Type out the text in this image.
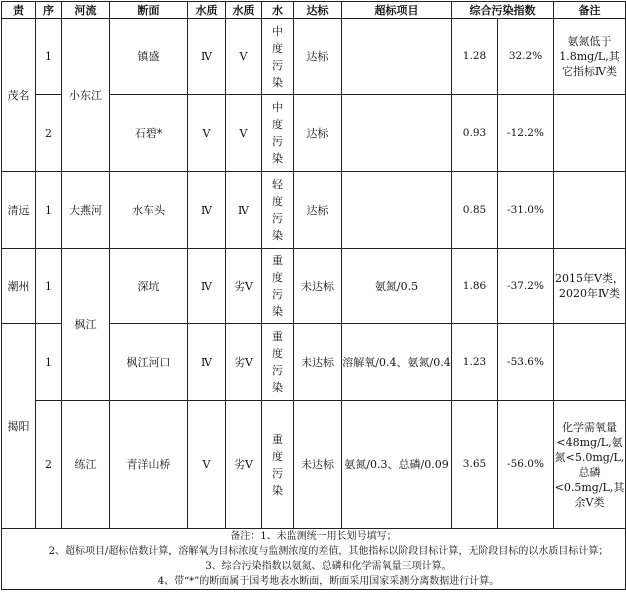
责	序	河流	断面	水质	水质	水	达标	超标项目	综合污染指数		备注
茂名	1	小东江	镇盛	Ⅳ	Ⅴ	中度污染	达标		1.28	32.2%	氨氮低于1.8mg/L,其它指标Ⅳ类
	2		石碧*	Ⅴ	Ⅴ	中度污染	达标		0.93	-12.2%	
清远	1	大燕河	水车头	Ⅳ	Ⅳ	轻度污染	达标		0.85	-31.0%	
潮州	1	枫江	深坑	Ⅳ	劣Ⅴ	重度污染	未达标	氨氮/0.5	1.86	-37.2%	2015年Ⅴ类，2020年Ⅳ类
揭阳	1		枫江河口	Ⅳ	劣Ⅴ	重度污染	未达标	溶解氧/0.4、氨氮/0.4	1.23	-53.6%	
	2	练江	青洋山桥	Ⅴ	劣Ⅴ	重度污染	未达标	氨氮/0.3、总磷/0.09	3.65	-56.0%	化学需氧量<48mg/L,氨氮<5.0mg/L,总磷<0.5mg/L,其余Ⅴ类

备注：1、未监测统一用长划号填写；
2、超标项目/超标倍数计算，溶解氧为目标浓度与监测浓度的差值，其他指标以阶段目标计算，无阶段目标的以水质目标计算；
3、综合污染指数以氨氮、总磷和化学需氧量三项计算。
4、带“*”的断面属于国考地表水断面，断面采用国家采测分离数据进行计算。											
